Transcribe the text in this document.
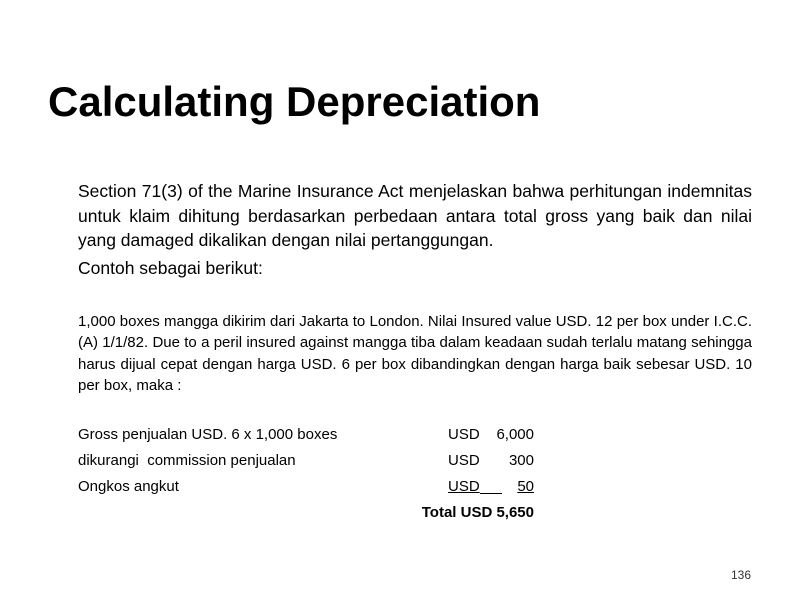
Calculating Depreciation

Section 71(3) of the Marine Insurance Act menjelaskan bahwa perhitungan indemnitas untuk klaim dihitung berdasarkan perbedaan antara total gross yang baik dan nilai yang damaged dikalikan dengan nilai pertanggungan.

Contoh sebagai berikut:

1,000 boxes mangga dikirim dari Jakarta to London. Nilai Insured value USD. 12 per box under I.C.C. (A) 1/1/82. Due to a peril insured against mangga tiba dalam keadaan sudah terlalu matang sehingga harus dijual cepat dengan harga USD. 6 per box dibandingkan dengan harga baik sebesar USD. 10 per box, maka :

Gross penjualan USD. 6 x 1,000 boxes	USD 6,000
dikurangi  commission penjualan	USD 300
Ongkos angkut	USD	50
Total USD 5,650
136
